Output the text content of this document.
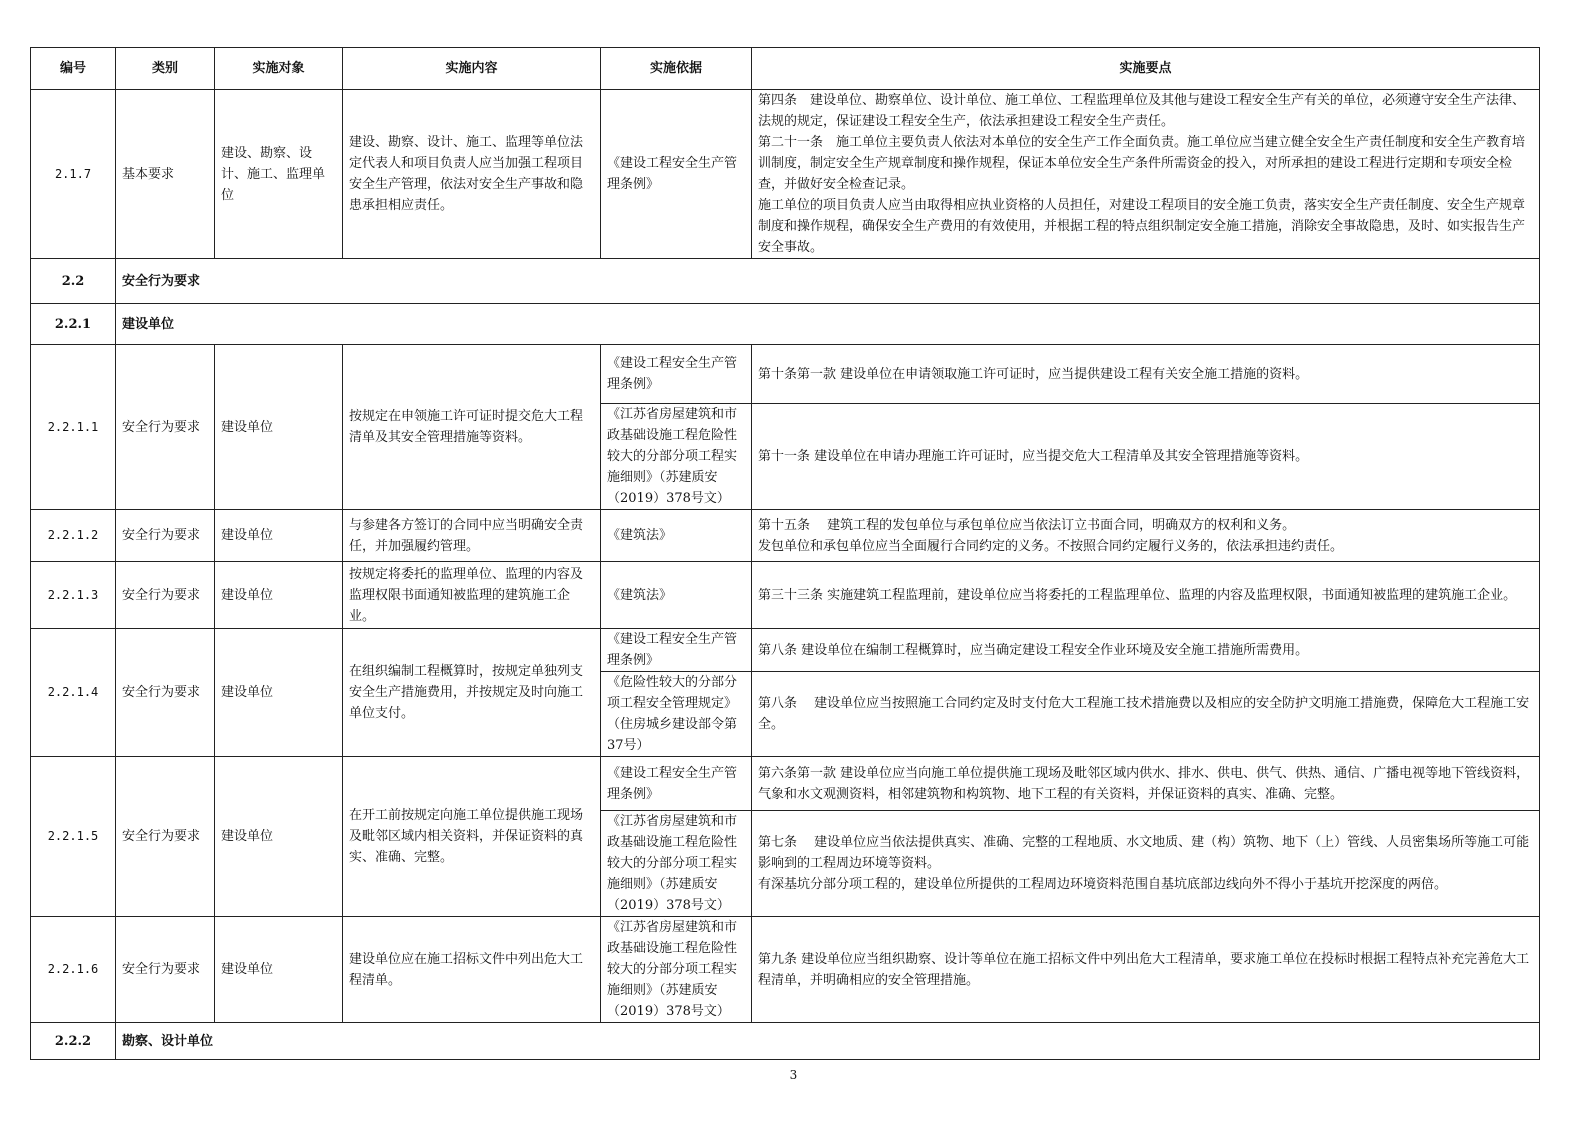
编号	类别	实施对象	实施内容	实施依据	实施要点
2.1.7	基本要求	建设、勘察、设计、施工、监理单位	建设、勘察、设计、施工、监理等单位法定代表人和项目负责人应当加强工程项目安全生产管理，依法对安全生产事故和隐患承担相应责任。	《建设工程安全生产管理条例》	第四条　建设单位、勘察单位、设计单位、施工单位、工程监理单位及其他与建设工程安全生产有关的单位，必须遵守安全生产法律、法规的规定，保证建设工程安全生产，依法承担建设工程安全生产责任。
第二十一条　施工单位主要负责人依法对本单位的安全生产工作全面负责。施工单位应当建立健全安全生产责任制度和安全生产教育培训制度，制定安全生产规章制度和操作规程，保证本单位安全生产条件所需资金的投入，对所承担的建设工程进行定期和专项安全检查，并做好安全检查记录。
施工单位的项目负责人应当由取得相应执业资格的人员担任，对建设工程项目的安全施工负责，落实安全生产责任制度、安全生产规章制度和操作规程，确保安全生产费用的有效使用，并根据工程的特点组织制定安全施工措施，消除安全事故隐患，及时、如实报告生产安全事故。

2.2	安全行为要求				
2.2.1	建设单位				
2.2.1.1	安全行为要求	建设单位	按规定在申领施工许可证时提交危大工程清单及其安全管理措施等资料。	《建设工程安全生产管理条例》	第十条第一款 建设单位在申请领取施工许可证时，应当提供建设工程有关安全施工措施的资料。

				《江苏省房屋建筑和市政基础设施工程危险性较大的分部分项工程实施细则》（苏建质安（2019）378号文）	第十一条 建设单位在申请办理施工许可证时，应当提交危大工程清单及其安全管理措施等资料。

2.2.1.2	安全行为要求	建设单位	与参建各方签订的合同中应当明确安全责任，并加强履约管理。	《建筑法》	第十五条　 建筑工程的发包单位与承包单位应当依法订立书面合同，明确双方的权利和义务。
发包单位和承包单位应当全面履行合同约定的义务。不按照合同约定履行义务的，依法承担违约责任。

2.2.1.3	安全行为要求	建设单位	按规定将委托的监理单位、监理的内容及监理权限书面通知被监理的建筑施工企业。	《建筑法》	第三十三条 实施建筑工程监理前，建设单位应当将委托的工程监理单位、监理的内容及监理权限，书面通知被监理的建筑施工企业。

2.2.1.4	安全行为要求	建设单位	在组织编制工程概算时，按规定单独列支安全生产措施费用，并按规定及时向施工单位支付。	《建设工程安全生产管理条例》	第八条 建设单位在编制工程概算时，应当确定建设工程安全作业环境及安全施工措施所需费用。

				《危险性较大的分部分项工程安全管理规定》（住房城乡建设部令第37号）	第八条　 建设单位应当按照施工合同约定及时支付危大工程施工技术措施费以及相应的安全防护文明施工措施费，保障危大工程施工安全。

2.2.1.5	安全行为要求	建设单位	在开工前按规定向施工单位提供施工现场及毗邻区域内相关资料，并保证资料的真实、准确、完整。	《建设工程安全生产管理条例》	第六条第一款 建设单位应当向施工单位提供施工现场及毗邻区域内供水、排水、供电、供气、供热、通信、广播电视等地下管线资料，气象和水文观测资料，相邻建筑物和构筑物、地下工程的有关资料，并保证资料的真实、准确、完整。

				《江苏省房屋建筑和市政基础设施工程危险性较大的分部分项工程实施细则》（苏建质安（2019）378号文）	第七条　 建设单位应当依法提供真实、准确、完整的工程地质、水文地质、建（构）筑物、地下（上）管线、人员密集场所等施工可能影响到的工程周边环境等资料。
有深基坑分部分项工程的，建设单位所提供的工程周边环境资料范围自基坑底部边线向外不得小于基坑开挖深度的两倍。

2.2.1.6	安全行为要求	建设单位	建设单位应在施工招标文件中列出危大工程清单。	《江苏省房屋建筑和市政基础设施工程危险性较大的分部分项工程实施细则》（苏建质安（2019）378号文）	第九条 建设单位应当组织勘察、设计等单位在施工招标文件中列出危大工程清单，要求施工单位在投标时根据工程特点补充完善危大工程清单，并明确相应的安全管理措施。

2.2.2	勘察、设计单位				
3
